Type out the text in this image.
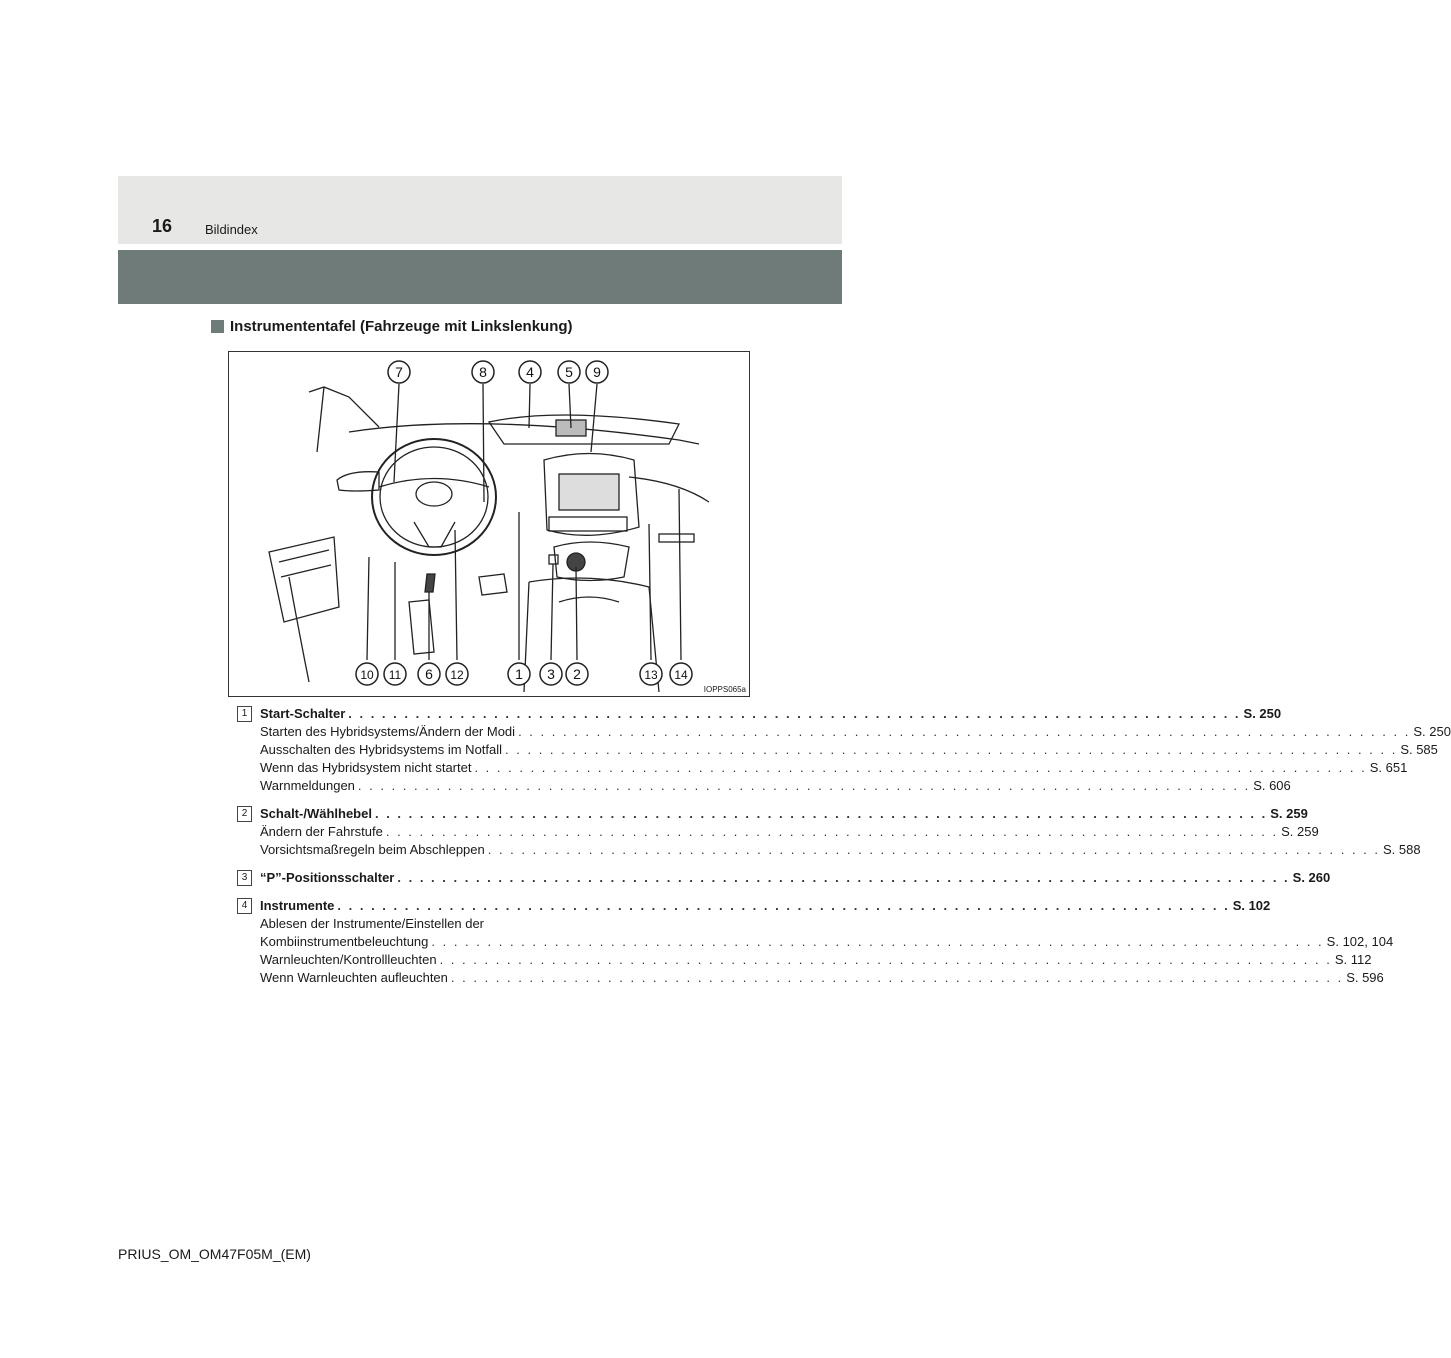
16	Bildindex
Instrumententafel (Fahrzeuge mit Linkslenkung)
7	8	4 5 9
10 11 6 12	1 3 2	13 14
IOPPS065a
1 Start-Schalter . . . . . . . . . . . . . . . . . . . . . . . . . . . . . . . . . . . . . . . . . . . . . . . . . . . . . . . . . . . . . . . . . . . . . . . . . . . . . . . . S. 250
Starten des Hybridsystems/Ändern der Modi . . . . . . . . . . . . . . . . . . . . . . . . . . . . . . . . . . . . . . . . . . . . . . . . . . . . . . . . . . . . . . . . . . . . . . . . . . . . . . . . S. 250
Ausschalten des Hybridsystems im Notfall . . . . . . . . . . . . . . . . . . . . . . . . . . . . . . . . . . . . . . . . . . . . . . . . . . . . . . . . . . . . . . . . . . . . . . . . . . . . . . . . S. 585
Wenn das Hybridsystem nicht startet . . . . . . . . . . . . . . . . . . . . . . . . . . . . . . . . . . . . . . . . . . . . . . . . . . . . . . . . . . . . . . . . . . . . . . . . . . . . . . . . S. 651
Warnmeldungen . . . . . . . . . . . . . . . . . . . . . . . . . . . . . . . . . . . . . . . . . . . . . . . . . . . . . . . . . . . . . . . . . . . . . . . . . . . . . . . . S. 606
2 Schalt-/Wählhebel . . . . . . . . . . . . . . . . . . . . . . . . . . . . . . . . . . . . . . . . . . . . . . . . . . . . . . . . . . . . . . . . . . . . . . . . . . . . . . . . S. 259
Ändern der Fahrstufe . . . . . . . . . . . . . . . . . . . . . . . . . . . . . . . . . . . . . . . . . . . . . . . . . . . . . . . . . . . . . . . . . . . . . . . . . . . . . . . . S. 259
Vorsichtsmaßregeln beim Abschleppen . . . . . . . . . . . . . . . . . . . . . . . . . . . . . . . . . . . . . . . . . . . . . . . . . . . . . . . . . . . . . . . . . . . . . . . . . . . . . . . . S. 588
3 “P”-Positionsschalter . . . . . . . . . . . . . . . . . . . . . . . . . . . . . . . . . . . . . . . . . . . . . . . . . . . . . . . . . . . . . . . . . . . . . . . . . . . . . . . . S. 260
4 Instrumente . . . . . . . . . . . . . . . . . . . . . . . . . . . . . . . . . . . . . . . . . . . . . . . . . . . . . . . . . . . . . . . . . . . . . . . . . . . . . . . . S. 102
Ablesen der Instrumente/Einstellen der
Kombiinstrumentbeleuchtung . . . . . . . . . . . . . . . . . . . . . . . . . . . . . . . . . . . . . . . . . . . . . . . . . . . . . . . . . . . . . . . . . . . . . . . . . . . . . . . . S. 102, 104
Warnleuchten/Kontrollleuchten . . . . . . . . . . . . . . . . . . . . . . . . . . . . . . . . . . . . . . . . . . . . . . . . . . . . . . . . . . . . . . . . . . . . . . . . . . . . . . . . S. 112
Wenn Warnleuchten aufleuchten . . . . . . . . . . . . . . . . . . . . . . . . . . . . . . . . . . . . . . . . . . . . . . . . . . . . . . . . . . . . . . . . . . . . . . . . . . . . . . . . S. 596
PRIUS_OM_OM47F05M_(EM)
